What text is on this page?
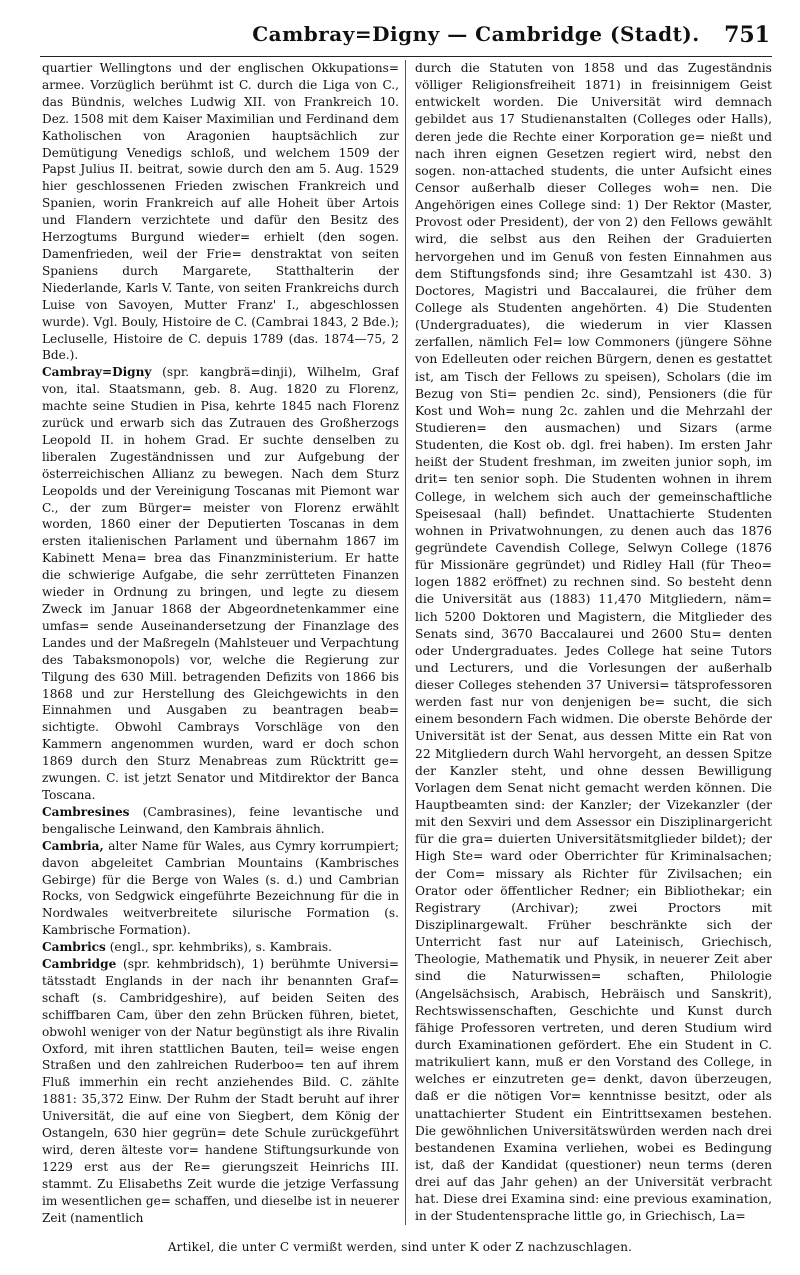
Cambray=Digny — Cambridge (Stadt).	751

quartier Wellingtons und der englischen Okkupations= armee. Vorzüglich berühmt ist C. durch die Liga von C., das Bündnis, welches Ludwig XII. von Frankreich 10. Dez. 1508 mit dem Kaiser Maximilian und Ferdinand dem Katholischen von Aragonien hauptsächlich zur Demütigung Venedigs schloß, und welchem 1509 der Papst Julius II. beitrat, sowie durch den am 5. Aug. 1529 hier geschlossenen Frieden zwischen Frankreich und Spanien, worin Frankreich auf alle Hoheit über Artois und Flandern verzichtete und dafür den Besitz des Herzogtums Burgund wieder= erhielt (den sogen. Damenfrieden, weil der Frie= denstraktat von seiten Spaniens durch Margarete, Statthalterin der Niederlande, Karls V. Tante, von seiten Frankreichs durch Luise von Savoyen, Mutter Franz' I., abgeschlossen wurde). Vgl. Bouly, Histoire de C. (Cambrai 1843, 2 Bde.); Lecluselle, Histoire de C. depuis 1789 (das. 1874—75, 2 Bde.).

Cambray=Digny (spr. kangbrä=dinji), Wilhelm, Graf von, ital. Staatsmann, geb. 8. Aug. 1820 zu Florenz, machte seine Studien in Pisa, kehrte 1845 nach Florenz zurück und erwarb sich das Zutrauen des Großherzogs Leopold II. in hohem Grad. Er suchte denselben zu liberalen Zugeständnissen und zur Aufgebung der österreichischen Allianz zu bewegen. Nach dem Sturz Leopolds und der Vereinigung Toscanas mit Piemont war C., der zum Bürger= meister von Florenz erwählt worden, 1860 einer der Deputierten Toscanas in dem ersten italienischen Parlament und übernahm 1867 im Kabinett Mena= brea das Finanzministerium. Er hatte die schwierige Aufgabe, die sehr zerrütteten Finanzen wieder in Ordnung zu bringen, und legte zu diesem Zweck im Januar 1868 der Abgeordnetenkammer eine umfas= sende Auseinandersetzung der Finanzlage des Landes und der Maßregeln (Mahlsteuer und Verpachtung des Tabaksmonopols) vor, welche die Regierung zur Tilgung des 630 Mill. betragenden Defizits von 1866 bis 1868 und zur Herstellung des Gleichgewichts in den Einnahmen und Ausgaben zu beantragen beab= sichtigte. Obwohl Cambrays Vorschläge von den Kammern angenommen wurden, ward er doch schon 1869 durch den Sturz Menabreas zum Rücktritt ge= zwungen. C. ist jetzt Senator und Mitdirektor der Banca Toscana.

Cambresines (Cambrasines), feine levantische und bengalische Leinwand, den Kambrais ähnlich.

Cambria, alter Name für Wales, aus Cymry korrumpiert; davon abgeleitet Cambrian Mountains (Kambrisches Gebirge) für die Berge von Wales (s. d.) und Cambrian Rocks, von Sedgwick eingeführte Bezeichnung für die in Nordwales weitverbreitete silurische Formation (s. Kambrische Formation).

Cambrics (engl., spr. kehmbriks), s. Kambrais.

Cambridge (spr. kehmbridsch), 1) berühmte Universi= tätsstadt Englands in der nach ihr benannten Graf= schaft (s. Cambridgeshire), auf beiden Seiten des schiffbaren Cam, über den zehn Brücken führen, bietet, obwohl weniger von der Natur begünstigt als ihre Rivalin Oxford, mit ihren stattlichen Bauten, teil= weise engen Straßen und den zahlreichen Ruderboo= ten auf ihrem Fluß immerhin ein recht anziehendes Bild. C. zählte 1881: 35,372 Einw. Der Ruhm der Stadt beruht auf ihrer Universität, die auf eine von Siegbert, dem König der Ostangeln, 630 hier gegrün= dete Schule zurückgeführt wird, deren älteste vor= handene Stiftungsurkunde von 1229 erst aus der Re= gierungszeit Heinrichs III. stammt. Zu Elisabeths Zeit wurde die jetzige Verfassung im wesentlichen ge= schaffen, und dieselbe ist in neuerer Zeit (namentlich

durch die Statuten von 1858 und das Zugeständnis völliger Religionsfreiheit 1871) in freisinnigem Geist entwickelt worden. Die Universität wird demnach gebildet aus 17 Studienanstalten (Colleges oder Halls), deren jede die Rechte einer Korporation ge= nießt und nach ihren eignen Gesetzen regiert wird, nebst den sogen. non-attached students, die unter Aufsicht eines Censor außerhalb dieser Colleges woh= nen. Die Angehörigen eines College sind: 1) Der Rektor (Master, Provost oder President), der von 2) den Fellows gewählt wird, die selbst aus den Reihen der Graduierten hervorgehen und im Genuß von festen Einnahmen aus dem Stiftungsfonds sind; ihre Gesamtzahl ist 430. 3) Doctores, Magistri und Baccalaurei, die früher dem College als Studenten angehörten. 4) Die Studenten (Undergraduates), die wiederum in vier Klassen zerfallen, nämlich Fel= low Commoners (jüngere Söhne von Edelleuten oder reichen Bürgern, denen es gestattet ist, am Tisch der Fellows zu speisen), Scholars (die im Bezug von Sti= pendien 2c. sind), Pensioners (die für Kost und Woh= nung 2c. zahlen und die Mehrzahl der Studieren= den ausmachen) und Sizars (arme Studenten, die Kost ob. dgl. frei haben). Im ersten Jahr heißt der Student freshman, im zweiten junior soph, im drit= ten senior soph. Die Studenten wohnen in ihrem College, in welchem sich auch der gemeinschaftliche Speisesaal (hall) befindet. Unattachierte Studenten wohnen in Privatwohnungen, zu denen auch das 1876 gegründete Cavendish College, Selwyn College (1876 für Missionäre gegründet) und Ridley Hall (für Theo= logen 1882 eröffnet) zu rechnen sind. So besteht denn die Universität aus (1883) 11,470 Mitgliedern, näm= lich 5200 Doktoren und Magistern, die Mitglieder des Senats sind, 3670 Baccalaurei und 2600 Stu= denten oder Undergraduates. Jedes College hat seine Tutors und Lecturers, und die Vorlesungen der außerhalb dieser Colleges stehenden 37 Universi= tätsprofessoren werden fast nur von denjenigen be= sucht, die sich einem besondern Fach widmen. Die oberste Behörde der Universität ist der Senat, aus dessen Mitte ein Rat von 22 Mitgliedern durch Wahl hervorgeht, an dessen Spitze der Kanzler steht, und ohne dessen Bewilligung Vorlagen dem Senat nicht gemacht werden können. Die Hauptbeamten sind: der Kanzler; der Vizekanzler (der mit den Sexviri und dem Assessor ein Disziplinargericht für die gra= duierten Universitätsmitglieder bildet); der High Ste= ward oder Oberrichter für Kriminalsachen; der Com= missary als Richter für Zivilsachen; ein Orator oder öffentlicher Redner; ein Bibliothekar; ein Registrary (Archivar); zwei Proctors mit Disziplinargewalt. Früher beschränkte sich der Unterricht fast nur auf Lateinisch, Griechisch, Theologie, Mathematik und Physik, in neuerer Zeit aber sind die Naturwissen= schaften, Philologie (Angelsächsisch, Arabisch, Hebräisch und Sanskrit), Rechtswissenschaften, Geschichte und Kunst durch fähige Professoren vertreten, und deren Studium wird durch Examinationen gefördert. Ehe ein Student in C. matrikuliert kann, muß er den Vorstand des College, in welches er einzutreten ge= denkt, davon überzeugen, daß er die nötigen Vor= kenntnisse besitzt, oder als unattachierter Student ein Eintrittsexamen bestehen. Die gewöhnlichen Universitätswürden werden nach drei bestandenen Examina verliehen, wobei es Bedingung ist, daß der Kandidat (questioner) neun terms (deren drei auf das Jahr gehen) an der Universität verbracht hat. Diese drei Examina sind: eine previous examination, in der Studentensprache little go, in Griechisch, La=

Artikel, die unter C vermißt werden, sind unter K oder Z nachzuschlagen.
